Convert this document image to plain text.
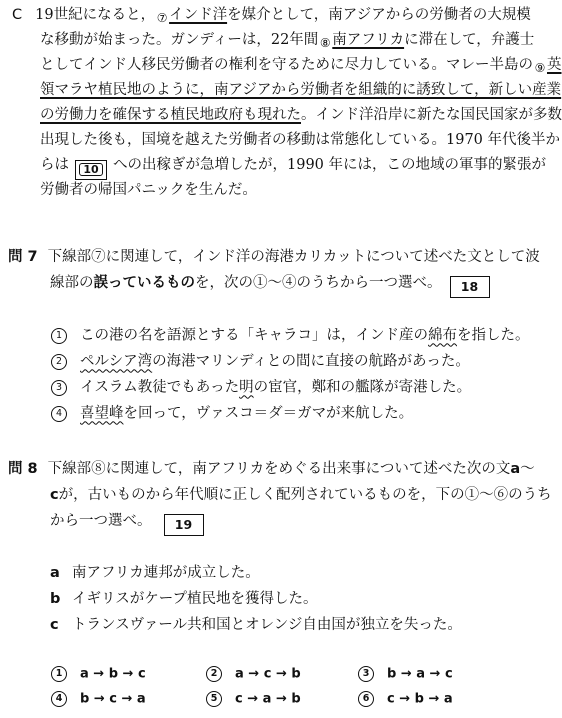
C 19世紀になると， ⑦ インド洋を媒介として，南アジアからの労働者の大規模
な移動が始まった。ガンディーは，22年間 ⑧ 南アフリカに滞在して，弁護士
としてインド人移民労働者の権利を守るために尽力している。マレー半島の ⑨ 英
領マラヤ植民地のように，南アジアから労働者を組織的に誘致して，新しい産業
の労働力を確保する植民地政府も現れた。インド洋沿岸に新たな国民国家が多数
出現した後も，国境を越えた労働者の移動は常態化している。1970 年代後半か
らは	10 への出稼ぎが急増したが，1990 年には，この地域の軍事的緊張が
労働者の帰国パニックを生んだ。
問 7 下線部⑦に関連して，インド洋の海港カリカットについて述べた文として波
線部の誤っているものを，次の①～④のうちから一つ選べ。 18
1 この港の名を語源とする「キャラコ」は，インド産の綿布を指した。
2 ペルシア湾の海港マリンディとの間に直接の航路があった。
3 イスラム教徒でもあった明の宦官，鄭和の艦隊が寄港した。
4 喜望峰を回って，ヴァスコ＝ダ＝ガマが来航した。
問 8 下線部⑧に関連して，南アフリカをめぐる出来事について述べた次の文a～
cが，古いものから年代順に正しく配列されているものを，下の①～⑥のうち
から一つ選べ。 19
a 南アフリカ連邦が成立した。
b イギリスがケープ植民地を獲得した。
c トランスヴァール共和国とオレンジ自由国が独立を失った。
1 a → b → c	2 a → c → b	3 b → a → c
4 b → c → a	5 c → a → b	6 c → b → a
